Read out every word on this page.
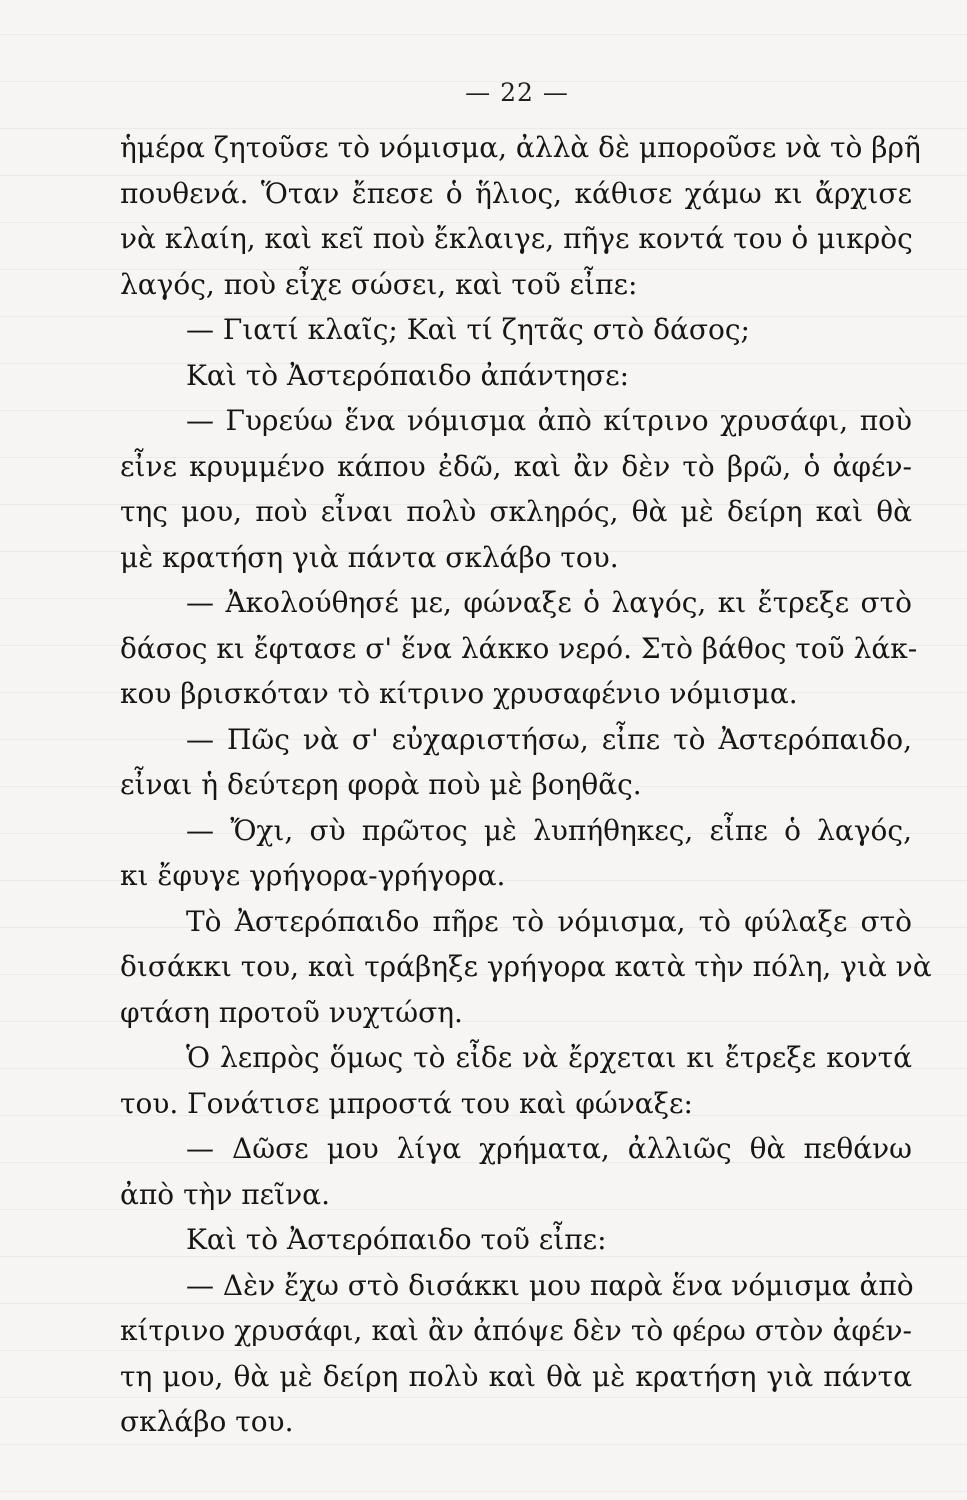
— 22 —
ἡμέρα ζητοῦσε τὸ νόμισμα, ἀλλὰ δὲ μποροῦσε νὰ τὸ βρῆ
πουθενά. Ὅταν ἔπεσε ὁ ἥλιος, κάθισε χάμω κι ἄρχισε
νὰ κλαίη, καὶ κεῖ ποὺ ἔκλαιγε, πῆγε κοντά του ὁ μικρὸς
λαγός, ποὺ εἶχε σώσει, καὶ τοῦ εἶπε:
— Γιατί κλαῖς; Καὶ τί ζητᾶς στὸ δάσος;
Καὶ τὸ Ἀστερόπαιδο ἀπάντησε:
— Γυρεύω ἕνα νόμισμα ἀπὸ κίτρινο χρυσάφι, ποὺ
εἶνε κρυμμένο κάπου ἐδῶ, καὶ ἂν δὲν τὸ βρῶ, ὁ ἀφέν-
της μου, ποὺ εἶναι πολὺ σκληρός, θὰ μὲ δείρη καὶ θὰ
μὲ κρατήση γιὰ πάντα σκλάβο του.
— Ἀκολούθησέ με, φώναξε ὁ λαγός, κι ἔτρεξε στὸ
δάσος κι ἔφτασε σ' ἕνα λάκκο νερό. Στὸ βάθος τοῦ λάκ-
κου βρισκόταν τὸ κίτρινο χρυσαφένιο νόμισμα.
— Πῶς νὰ σ' εὐχαριστήσω, εἶπε τὸ Ἀστερόπαιδο,
εἶναι ἡ δεύτερη φορὰ ποὺ μὲ βοηθᾶς.
— Ὄχι, σὺ πρῶτος μὲ λυπήθηκες, εἶπε ὁ λαγός,
κι ἔφυγε γρήγορα-γρήγορα.
Τὸ Ἀστερόπαιδο πῆρε τὸ νόμισμα, τὸ φύλαξε στὸ
δισάκκι του, καὶ τράβηξε γρήγορα κατὰ τὴν πόλη, γιὰ νὰ
φτάση προτοῦ νυχτώση.
Ὁ λεπρὸς ὅμως τὸ εἶδε νὰ ἔρχεται κι ἔτρεξε κοντά
του. Γονάτισε μπροστά του καὶ φώναξε:
— Δῶσε μου λίγα χρήματα, ἀλλιῶς θὰ πεθάνω
ἀπὸ τὴν πεῖνα.
Καὶ τὸ Ἀστερόπαιδο τοῦ εἶπε:
— Δὲν ἔχω στὸ δισάκκι μου παρὰ ἕνα νόμισμα ἀπὸ
κίτρινο χρυσάφι, καὶ ἂν ἀπόψε δὲν τὸ φέρω στὸν ἀφέν-
τη μου, θὰ μὲ δείρη πολὺ καὶ θὰ μὲ κρατήση γιὰ πάντα
σκλάβο του.
